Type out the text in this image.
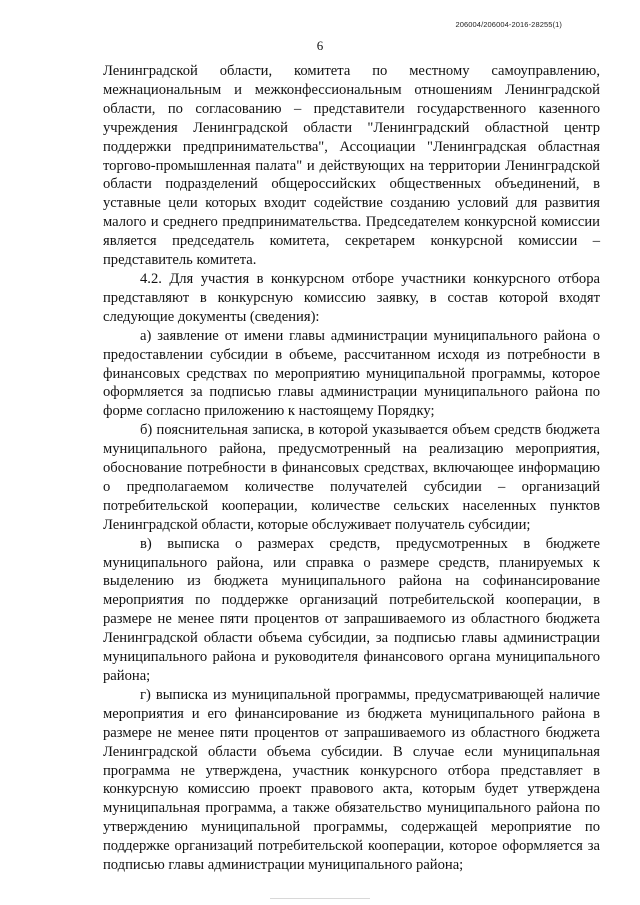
206004/206004-2016-28255(1)
6

Ленинградской области, комитета по местному самоуправлению, межнациональным и межконфессиональным отношениям Ленинградской области, по согласованию – представители государственного казенного учреждения Ленинградской области "Ленинградский областной центр поддержки предпринимательства", Ассоциации "Ленинградская областная торгово-промышленная палата" и действующих на территории Ленинградской области подразделений общероссийских общественных объединений, в уставные цели которых входит содействие созданию условий для развития малого и среднего предпринимательства. Председателем конкурсной комиссии является председатель комитета, секретарем конкурсной комиссии – представитель комитета.

4.2. Для участия в конкурсном отборе участники конкурсного отбора представляют в конкурсную комиссию заявку, в состав которой входят следующие документы (сведения):

а) заявление от имени главы администрации муниципального района о предоставлении субсидии в объеме, рассчитанном исходя из потребности в финансовых средствах по мероприятию муниципальной программы, которое оформляется за подписью главы администрации муниципального района по форме согласно приложению к настоящему Порядку;

б) пояснительная записка, в которой указывается объем средств бюджета муниципального района, предусмотренный на реализацию мероприятия, обоснование потребности в финансовых средствах, включающее информацию о предполагаемом количестве получателей субсидии – организаций потребительской кооперации, количестве сельских населенных пунктов Ленинградской области, которые обслуживает получатель субсидии;

в) выписка о размерах средств, предусмотренных в бюджете муниципального района, или справка о размере средств, планируемых к выделению из бюджета муниципального района на софинансирование мероприятия по поддержке организаций потребительской кооперации, в размере не менее пяти процентов от запрашиваемого из областного бюджета Ленинградской области объема субсидии, за подписью главы администрации муниципального района и руководителя финансового органа муниципального района;

г) выписка из муниципальной программы, предусматривающей наличие мероприятия и его финансирование из бюджета муниципального района в размере не менее пяти процентов от запрашиваемого из областного бюджета Ленинградской области объема субсидии. В случае если муниципальная программа не утверждена, участник конкурсного отбора представляет в конкурсную комиссию проект правового акта, которым будет утверждена муниципальная программа, а также обязательство муниципального района по утверждению муниципальной программы, содержащей мероприятие по поддержке организаций потребительской кооперации, которое оформляется за подписью главы администрации муниципального района;
